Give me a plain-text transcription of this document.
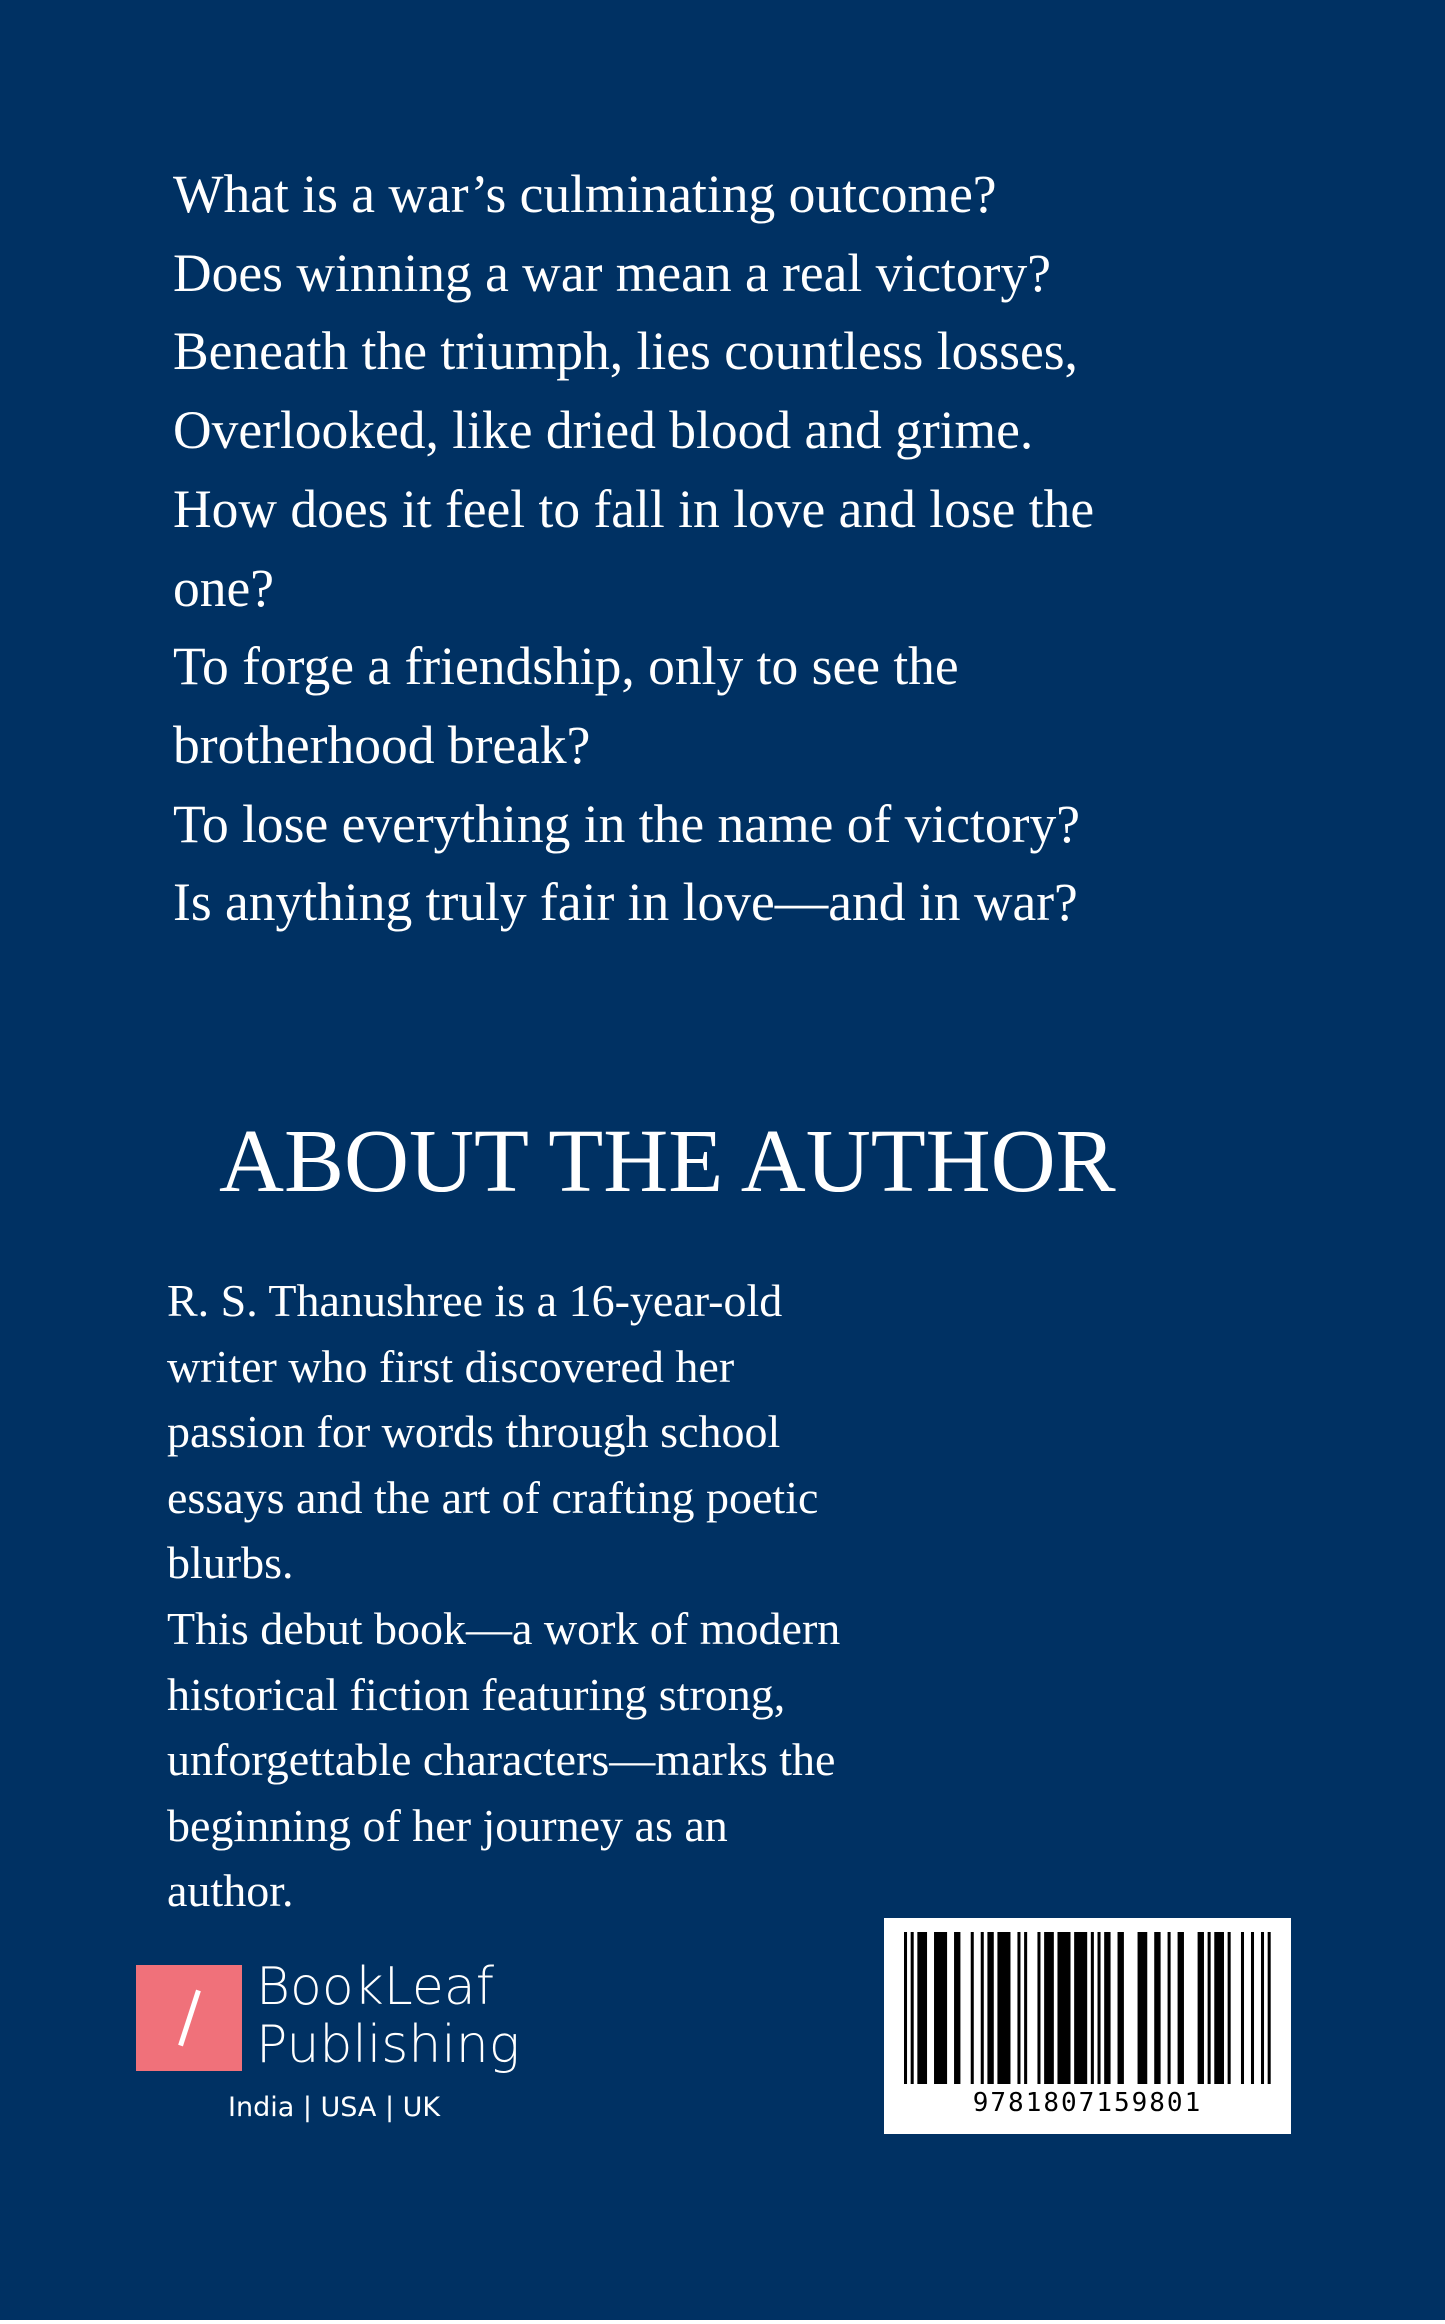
What is a war’s culminating outcome?
Does winning a war mean a real victory?
Beneath the triumph, lies countless losses,
Overlooked, like dried blood and grime.
How does it feel to fall in love and lose the
one?
To forge a friendship, only to see the
brotherhood break?
To lose everything in the name of victory?
Is anything truly fair in love—and in war?
ABOUT THE AUTHOR
R. S. Thanushree is a 16-year-old
writer who first discovered her
passion for words through school
essays and the art of crafting poetic
blurbs.
This debut book—a work of modern
historical fiction featuring strong,
unforgettable characters—marks the
beginning of her journey as an
author.
BookLeaf
Publishing
India | USA | UK	9781807159801
